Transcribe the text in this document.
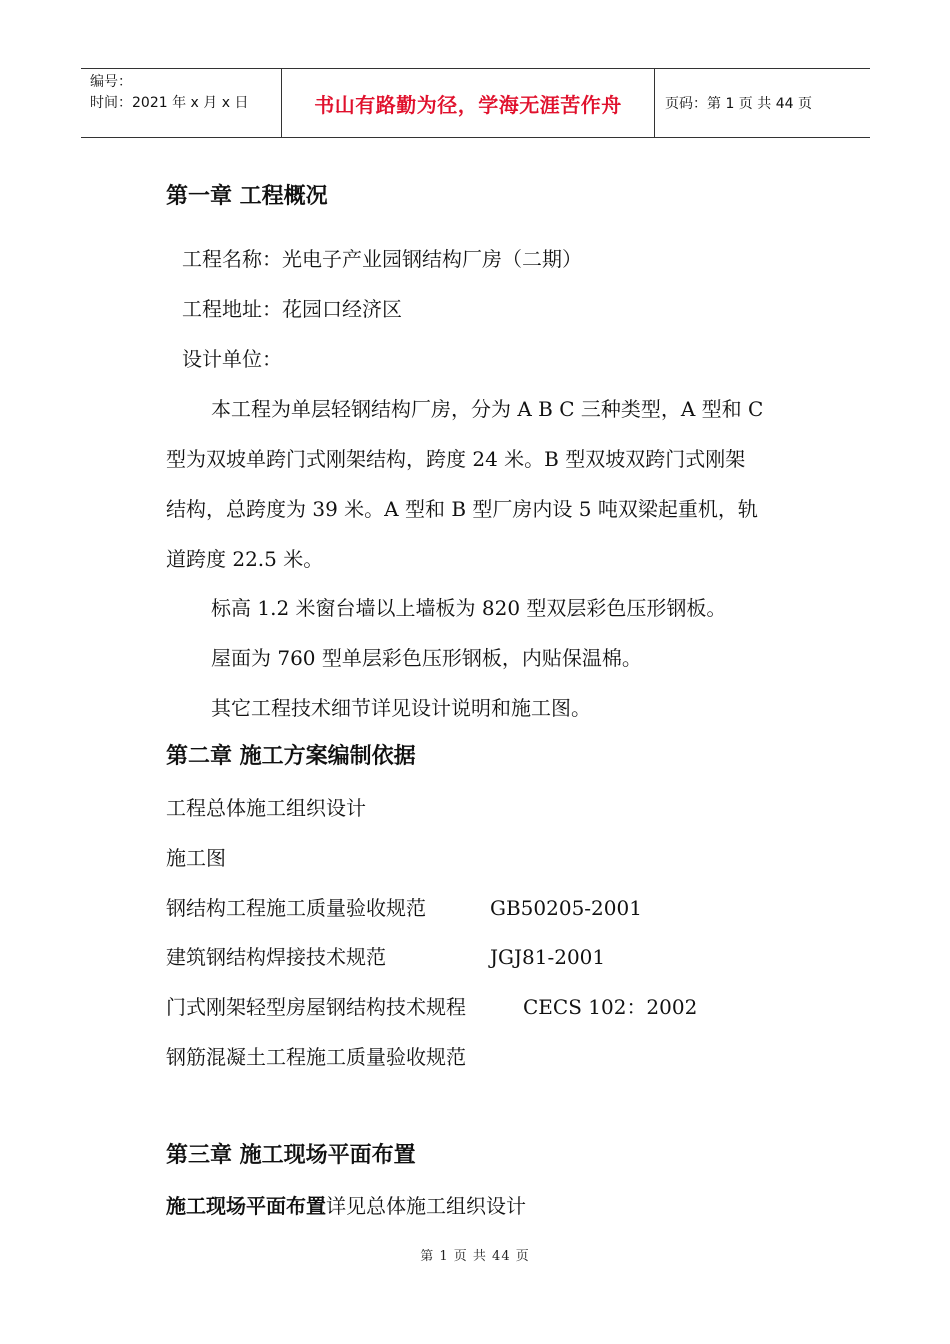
编号：
时间：2021 年 x 月 x 日	书山有路勤为径，学海无涯苦作舟	页码：第 1 页 共 44 页
第一章 工程概况
工程名称：光电子产业园钢结构厂房（二期）
工程地址：花园口经济区
设计单位：
本工程为单层轻钢结构厂房，分为 A B C 三种类型，A 型和 C
型为双坡单跨门式刚架结构，跨度 24 米。B 型双坡双跨门式刚架
结构，总跨度为 39 米。A 型和 B 型厂房内设 5 吨双梁起重机，轨
道跨度 22.5 米。
标高 1.2 米窗台墙以上墙板为 820 型双层彩色压形钢板。
屋面为 760 型单层彩色压形钢板，内贴保温棉。
其它工程技术细节详见设计说明和施工图。
第二章 施工方案编制依据
工程总体施工组织设计
施工图
钢结构工程施工质量验收规范	GB50205-2001
建筑钢结构焊接技术规范	JGJ81-2001
门式刚架轻型房屋钢结构技术规程	CECS 102：2002
钢筋混凝土工程施工质量验收规范
第三章 施工现场平面布置
施工现场平面布置详见总体施工组织设计
第 1 页 共 44 页
